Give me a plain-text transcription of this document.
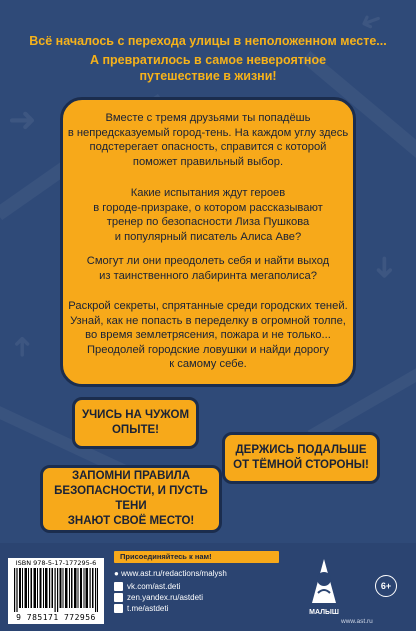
➜
➜
➜
➜
Всё началось с перехода улицы в неположенном месте...
А превратилось в самое невероятное
путешествие в жизни!
Вместе с тремя друзьями ты попадёшь
в непредсказуемый город-тень. На каждом углу здесь
подстерегает опасность, справится с которой
поможет правильный выбор.
Какие испытания ждут героев
в городе-призраке, о котором рассказывают
тренер по безопасности Лиза Пушкова
и популярный писатель Алиса Аве?
Смогут ли они преодолеть себя и найти выход
из таинственного лабиринта мегаполиса?
Раскрой секреты, спрятанные среди городских теней.
Узнай, как не попасть в переделку в огромной толпе,
во время землетрясения, пожара и не только...
Преодолей городские ловушки и найди дорогу
к самому себе.
УЧИСЬ НА ЧУЖОМ
ОПЫТЕ!
ДЕРЖИСЬ ПОДАЛЬШЕ
ОТ ТЁМНОЙ СТОРОНЫ!
ЗАПОМНИ ПРАВИЛА
БЕЗОПАСНОСТИ, И ПУСТЬ ТЕНИ
ЗНАЮТ СВОЁ МЕСТО!
ISBN 978-5-17-177295-6
9 785171 772956
Присоединяйтесь к нам!
● www.ast.ru/redactions/malysh
vk.com/ast.deti
zen.yandex.ru/astdeti
t.me/astdeti	МАЛЫШ
6+
www.ast.ru
